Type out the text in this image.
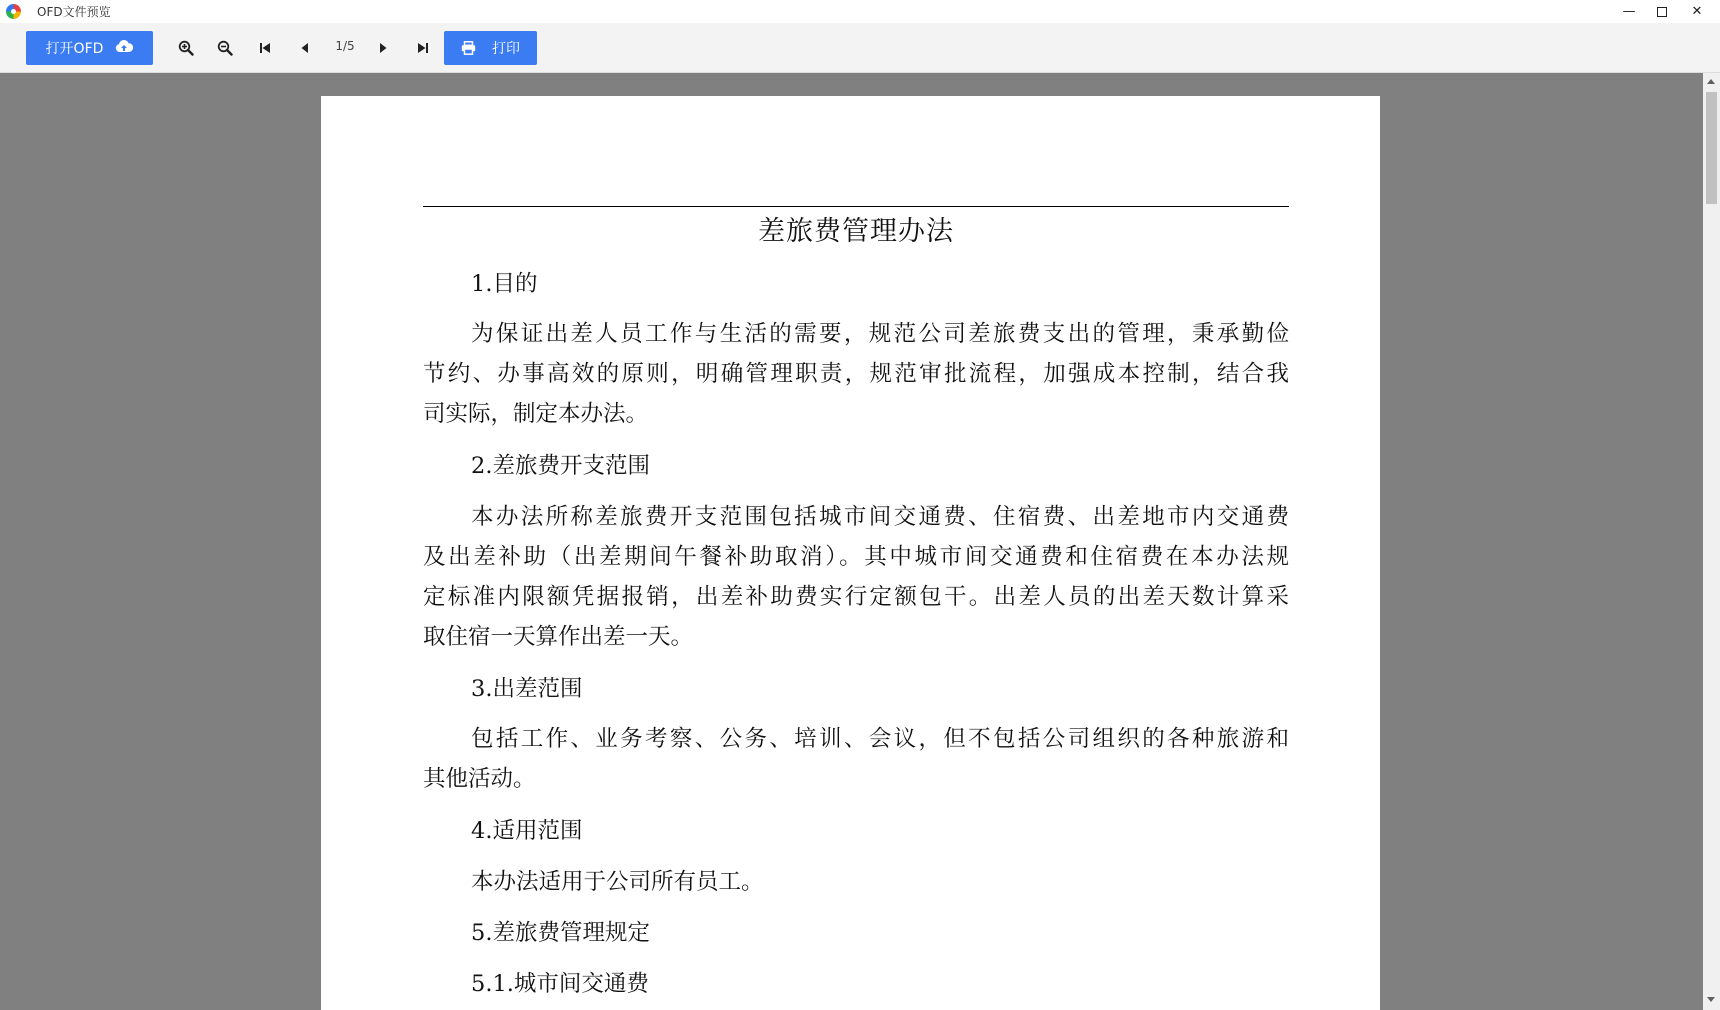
OFD文件预览	—	✕
打开OFD	1/5	打印
差旅费管理办法

1.目的

为保证出差人员工作与生活的需要，规范公司差旅费支出的管理，秉承勤俭
节约、办事高效的原则，明确管理职责，规范审批流程，加强成本控制，结合我
司实际，制定本办法。

2.差旅费开支范围

本办法所称差旅费开支范围包括城市间交通费、住宿费、出差地市内交通费
及出差补助（出差期间午餐补助取消）。其中城市间交通费和住宿费在本办法规
定标准内限额凭据报销，出差补助费实行定额包干。出差人员的出差天数计算采
取住宿一天算作出差一天。

3.出差范围

包括工作、业务考察、公务、培训、会议，但不包括公司组织的各种旅游和
其他活动。

4.适用范围

本办法适用于公司所有员工。

5.差旅费管理规定

5.1.城市间交通费
